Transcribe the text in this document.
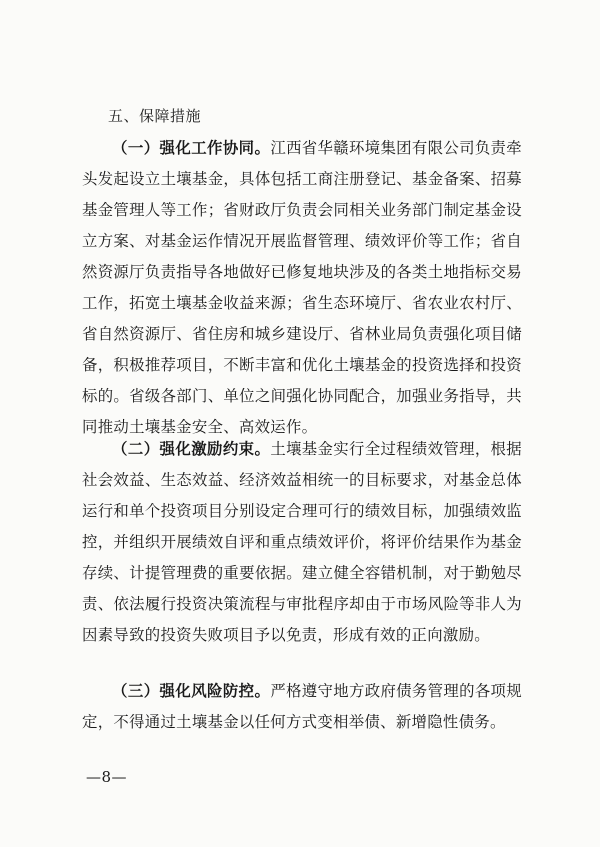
五、保障措施
（一）强化工作协同。江西省华赣环境集团有限公司负责牵头发起设立土壤基金，具体包括工商注册登记、基金备案、招募基金管理人等工作；省财政厅负责会同相关业务部门制定基金设立方案、对基金运作情况开展监督管理、绩效评价等工作；省自然资源厅负责指导各地做好已修复地块涉及的各类土地指标交易工作，拓宽土壤基金收益来源；省生态环境厅、省农业农村厅、省自然资源厅、省住房和城乡建设厅、省林业局负责强化项目储备，积极推荐项目，不断丰富和优化土壤基金的投资选择和投资标的。省级各部门、单位之间强化协同配合，加强业务指导，共同推动土壤基金安全、高效运作。
（二）强化激励约束。土壤基金实行全过程绩效管理，根据社会效益、生态效益、经济效益相统一的目标要求，对基金总体运行和单个投资项目分别设定合理可行的绩效目标，加强绩效监控，并组织开展绩效自评和重点绩效评价，将评价结果作为基金存续、计提管理费的重要依据。建立健全容错机制，对于勤勉尽责、依法履行投资决策流程与审批程序却由于市场风险等非人为因素导致的投资失败项目予以免责，形成有效的正向激励。
（三）强化风险防控。严格遵守地方政府债务管理的各项规定，不得通过土壤基金以任何方式变相举债、新增隐性债务。
—8—
